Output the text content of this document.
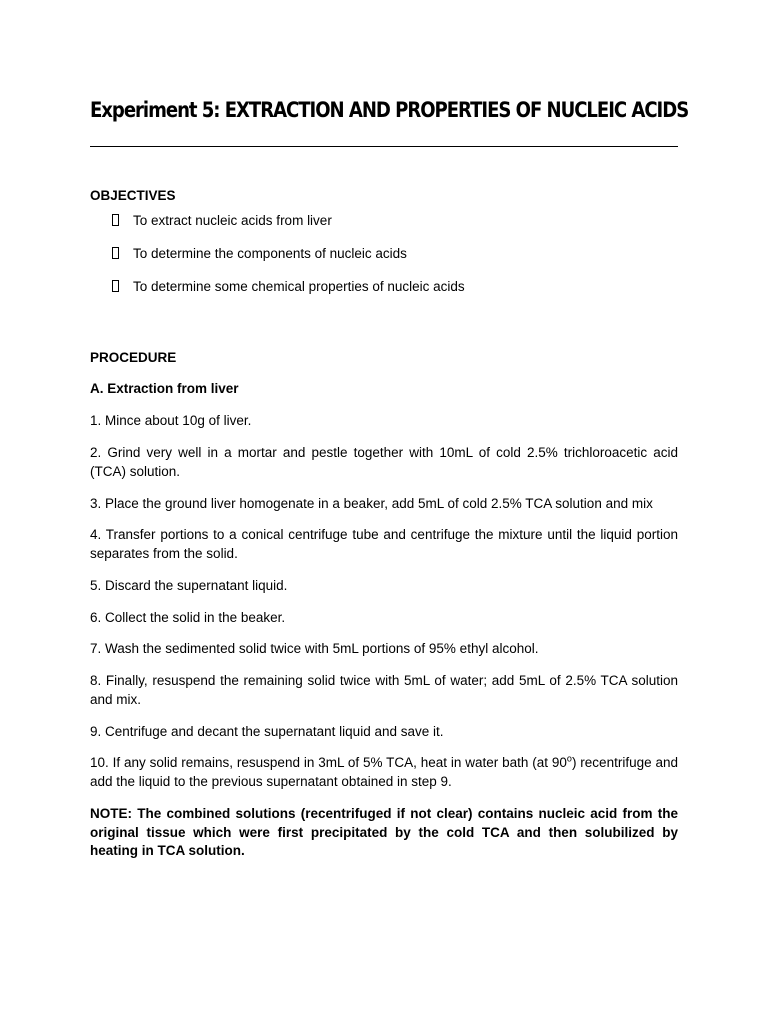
Experiment 5: EXTRACTION AND PROPERTIES OF NUCLEIC ACIDS
OBJECTIVES
To extract nucleic acids from liver
To determine the components of nucleic acids
To determine some chemical properties of nucleic acids
PROCEDURE
A. Extraction from liver
1. Mince about 10g of liver.
2. Grind very well in a mortar and pestle together with 10mL of cold 2.5% trichloroacetic acid (TCA) solution.
3. Place the ground liver homogenate in a beaker, add 5mL of cold 2.5% TCA solution and mix
4. Transfer portions to a conical centrifuge tube and centrifuge the mixture until the liquid portion separates from the solid.
5. Discard the supernatant liquid.
6. Collect the solid in the beaker.
7. Wash the sedimented solid twice with 5mL portions of 95% ethyl alcohol.
8. Finally, resuspend the remaining solid twice with 5mL of water; add 5mL of 2.5% TCA solution and mix.
9. Centrifuge and decant the supernatant liquid and save it.
10. If any solid remains, resuspend in 3mL of 5% TCA, heat in water bath (at 90$^o$) recentrifuge and add the liquid to the previous supernatant obtained in step 9.
NOTE: The combined solutions (recentrifuged if not clear) contains nucleic acid from the original tissue which were first precipitated by the cold TCA and then solubilized by heating in TCA solution.
